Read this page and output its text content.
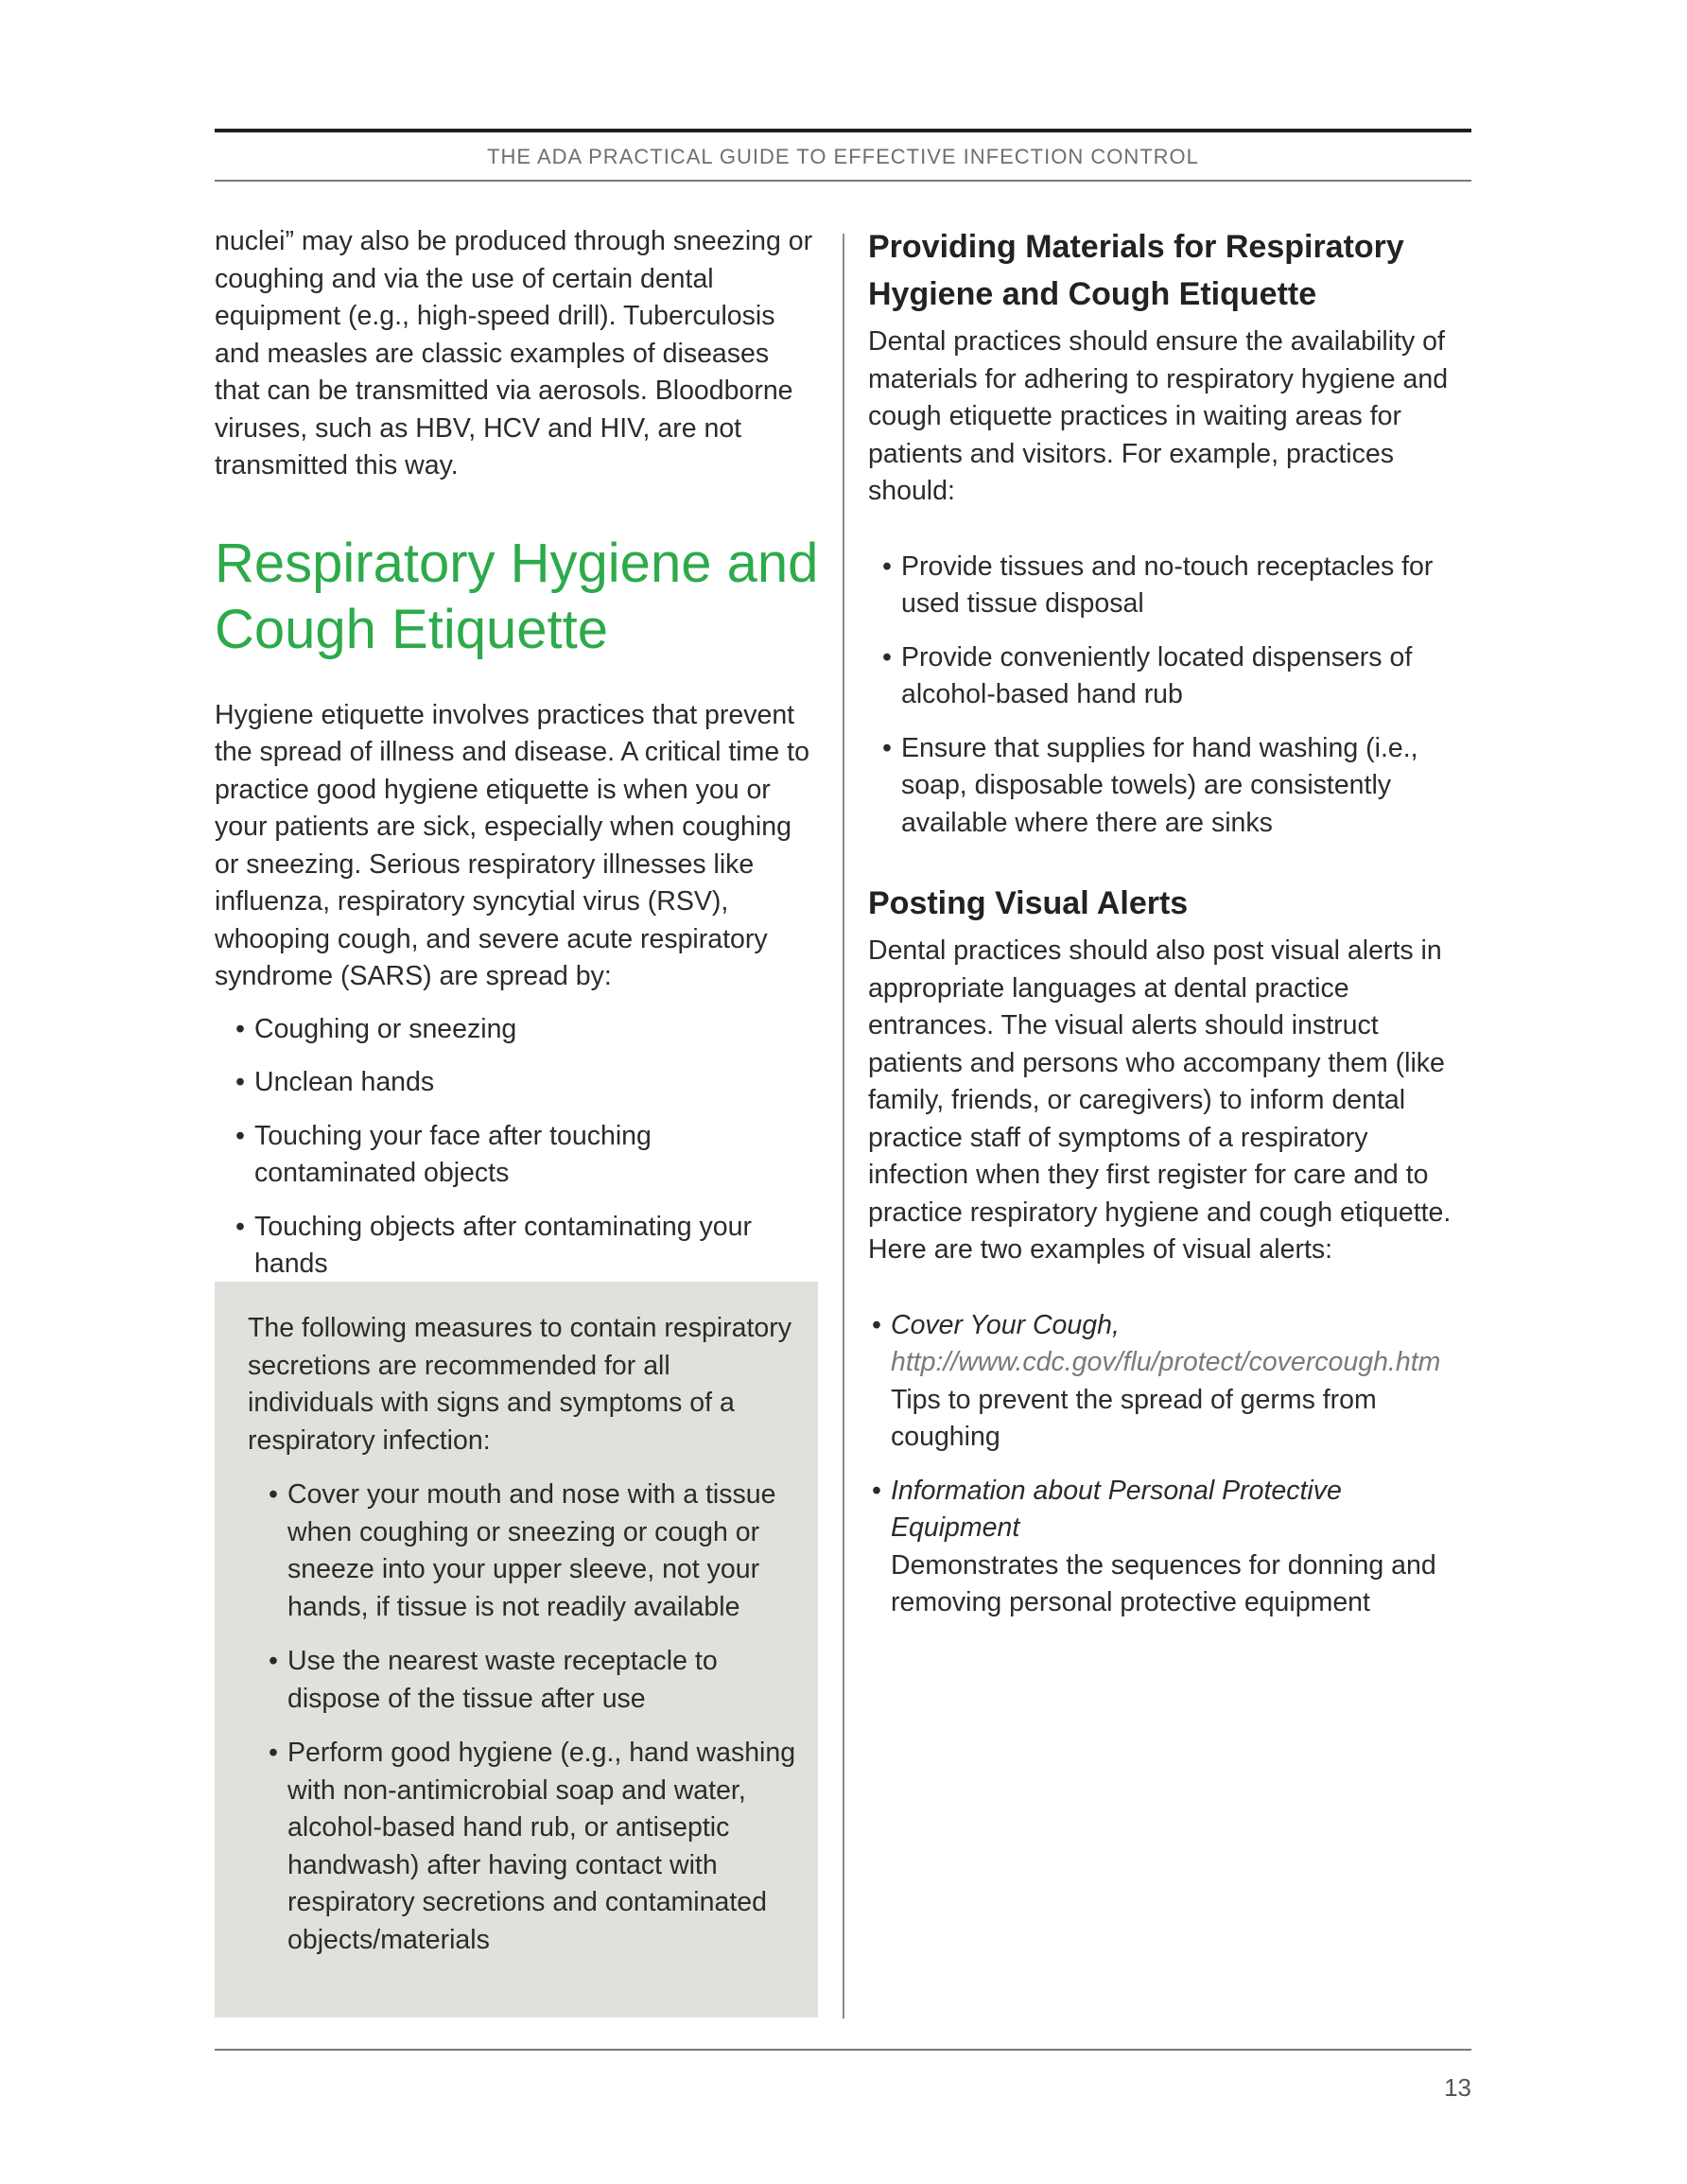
THE ADA PRACTICAL GUIDE TO EFFECTIVE INFECTION CONTROL

nuclei” may also be produced through sneezing or coughing and via the use of certain dental equipment (e.g., high-speed drill). Tuberculosis and measles are classic examples of diseases that can be transmitted via aerosols. Bloodborne viruses, such as HBV, HCV and HIV, are not transmitted this way.

Respiratory Hygiene and
Cough Etiquette

Hygiene etiquette involves practices that prevent the spread of illness and disease. A critical time to practice good hygiene etiquette is when you or your patients are sick, especially when coughing or sneezing. Serious respiratory illnesses like influenza, respiratory syncytial virus (RSV), whooping cough, and severe acute respiratory syndrome (SARS) are spread by:

• Coughing or sneezing
• Unclean hands
• Touching your face after touching contaminated objects
• Touching objects after contaminating your hands

The following measures to contain respiratory secretions are recommended for all individuals with signs and symptoms of a respiratory infection:

• Cover your mouth and nose with a tissue when coughing or sneezing or cough or sneeze into your upper sleeve, not your hands, if tissue is not readily available
• Use the nearest waste receptacle to dispose of the tissue after use
• Perform good hygiene (e.g., hand washing with non-antimicrobial soap and water, alcohol-based hand rub, or antiseptic handwash) after having contact with respiratory secretions and contaminated objects/materials
Providing Materials for Respiratory Hygiene and Cough Etiquette

Dental practices should ensure the availability of materials for adhering to respiratory hygiene and cough etiquette practices in waiting areas for patients and visitors. For example, practices should:

• Provide tissues and no-touch receptacles for used tissue disposal
• Provide conveniently located dispensers of alcohol-based hand rub
• Ensure that supplies for hand washing (i.e., soap, disposable towels) are consistently available where there are sinks
Posting Visual Alerts

Dental practices should also post visual alerts in appropriate languages at dental practice entrances. The visual alerts should instruct patients and persons who accompany them (like family, friends, or caregivers) to inform dental practice staff of symptoms of a respiratory infection when they first register for care and to practice respiratory hygiene and cough etiquette. Here are two examples of visual alerts:

• Cover Your Cough, http://www.cdc.gov/flu/protect/covercough.htm
Tips to prevent the spread of germs from coughing
• Information about Personal Protective Equipment
Demonstrates the sequences for donning and removing personal protective equipment
13
